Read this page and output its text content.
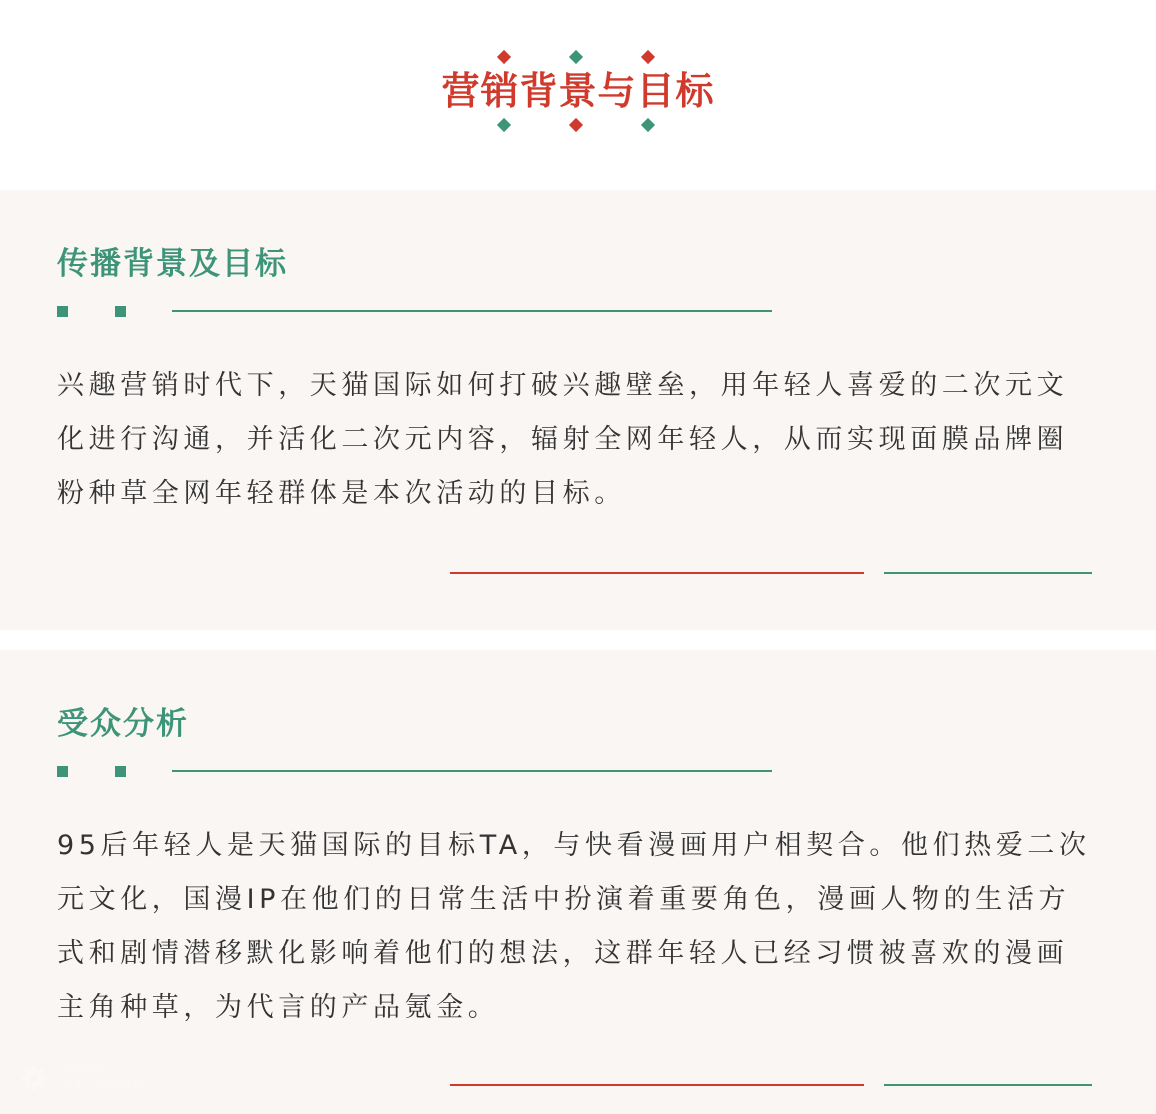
营销背景与目标
传播背景及目标

兴趣营销时代下，天猫国际如何打破兴趣壁垒，用年轻人喜爱的二次元文化进行沟通，并活化二次元内容，辐射全网年轻人，从而实现面膜品牌圈粉种草全网年轻群体是本次活动的目标。

受众分析

95后年轻人是天猫国际的目标TA，与快看漫画用户相契合。他们热爱二次元文化，国漫IP在他们的日常生活中扮演着重要角色，漫画人物的生活方式和剧情潜移默化影响着他们的想法，这群年轻人已经习惯被喜欢的漫画主角种草，为代言的产品氪金。

快看漫画
商业化品牌营销
